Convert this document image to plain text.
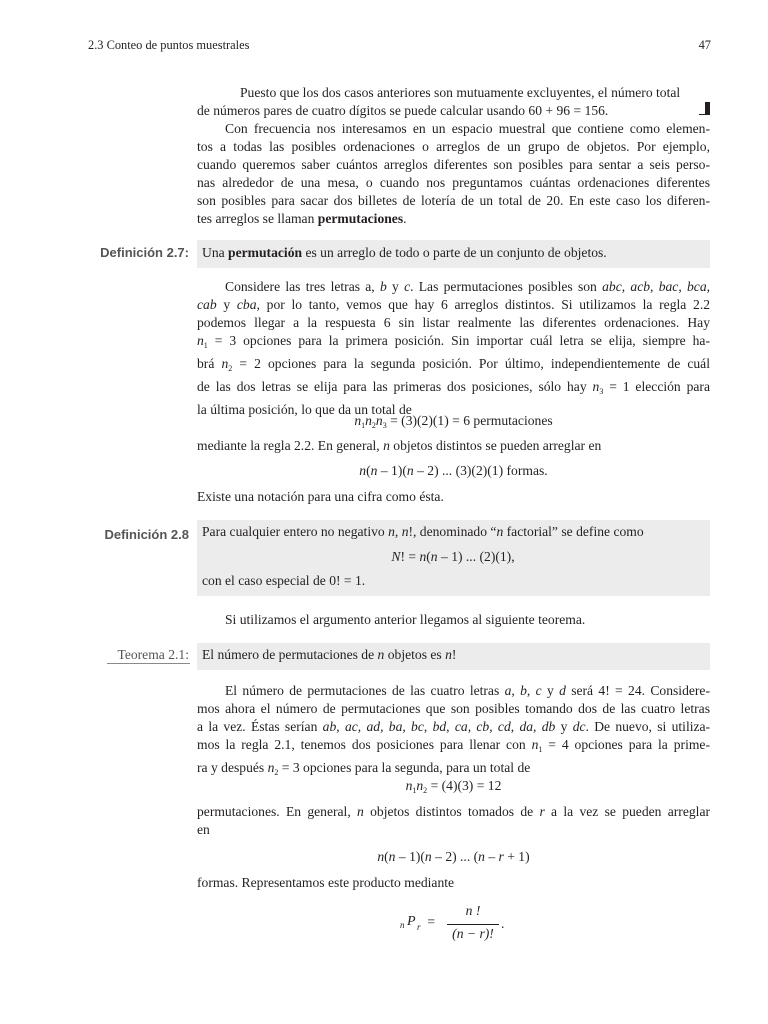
2.3 Conteo de puntos muestrales	47

Puesto que los dos casos anteriores son mutuamente excluyentes, el número total

de números pares de cuatro dígitos se puede calcular usando 60 + 96 = 156.

Con frecuencia nos interesamos en un espacio muestral que contiene como elemen-

tos a todas las posibles ordenaciones o arreglos de un grupo de objetos. Por ejemplo,

cuando queremos saber cuántos arreglos diferentes son posibles para sentar a seis perso-

nas alrededor de una mesa, o cuando nos preguntamos cuántas ordenaciones diferentes

son posibles para sacar dos billetes de lotería de un total de 20. En este caso los diferen-

tes arreglos se llaman permutaciones.

Definición 2.7: Una permutación es un arreglo de todo o parte de un conjunto de objetos.

Considere las tres letras a, b y c. Las permutaciones posibles son abc, acb, bac, bca,

cab y cba, por lo tanto, vemos que hay 6 arreglos distintos. Si utilizamos la regla 2.2

podemos llegar a la respuesta 6 sin listar realmente las diferentes ordenaciones. Hay

$n_1 = 3$ opciones para la primera posición. Sin importar cuál letra se elija, siempre ha-

brá $n_2 = 2$ opciones para la segunda posición. Por último, independientemente de cuál

de las dos letras se elija para las primeras dos posiciones, sólo hay $n_3 = 1$ elección para

la última posición, lo que da un total de

$n_1n_2n_3 = (3)(2)(1) = 6$ permutaciones

mediante la regla 2.2. En general, n objetos distintos se pueden arreglar en

n(n – 1)(n – 2) ... (3)(2)(1) formas.

Existe una notación para una cifra como ésta.

Definición 2.8 Para cualquier entero no negativo n, n!, denominado “n factorial” se define como
N! = n(n – 1) ... (2)(1),
con el caso especial de 0! = 1.

Si utilizamos el argumento anterior llegamos al siguiente teorema.

Teorema 2.1: El número de permutaciones de n objetos es n!

El número de permutaciones de las cuatro letras a, b, c y d será 4! = 24. Considere-

mos ahora el número de permutaciones que son posibles tomando dos de las cuatro letras

a la vez. Éstas serían ab, ac, ad, ba, bc, bd, ca, cb, cd, da, db y dc. De nuevo, si utiliza-

mos la regla 2.1, tenemos dos posiciones para llenar con $n_1 = 4$ opciones para la prime-

ra y después $n_2 = 3$ opciones para la segunda, para un total de

$n_1n_2 = (4)(3) = 12$

permutaciones. En general, n objetos distintos tomados de r a la vez se pueden arreglar

en

n(n – 1)(n – 2) ... (n – r + 1)

formas. Representamos este producto mediante

n P r =
n !
(n − r)!
.
